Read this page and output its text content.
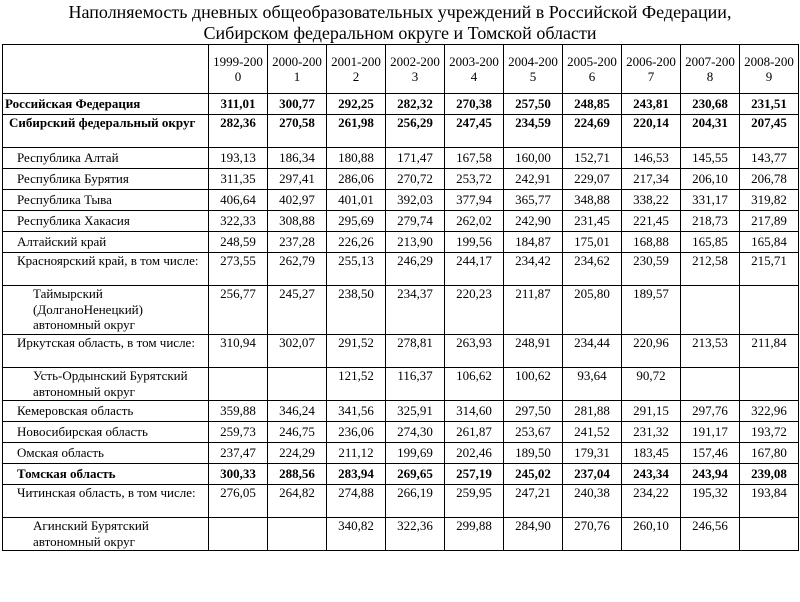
Наполняемость дневных общеобразовательных учреждений в Российской Федерации,
Сибирском федеральном округе и Томской области
	1999-2000	2000-2001	2001-2002	2002-2003	2003-2004	2004-2005	2005-2006	2006-2007	2007-2008	2008-2009
Российская Федерация	311,01	300,77	292,25	282,32	270,38	257,50	248,85	243,81	230,68	231,51
Сибирский федеральный округ	282,36	270,58	261,98	256,29	247,45	234,59	224,69	220,14	204,31	207,45
Республика Алтай	193,13	186,34	180,88	171,47	167,58	160,00	152,71	146,53	145,55	143,77
Республика Бурятия	311,35	297,41	286,06	270,72	253,72	242,91	229,07	217,34	206,10	206,78
Республика Тыва	406,64	402,97	401,01	392,03	377,94	365,77	348,88	338,22	331,17	319,82
Республика Хакасия	322,33	308,88	295,69	279,74	262,02	242,90	231,45	221,45	218,73	217,89
Алтайский край	248,59	237,28	226,26	213,90	199,56	184,87	175,01	168,88	165,85	165,84
Красноярский край, в том числе:	273,55	262,79	255,13	246,29	244,17	234,42	234,62	230,59	212,58	215,71
Таймырский (ДолганоНенецкий) автономный округ	256,77	245,27	238,50	234,37	220,23	211,87	205,80	189,57		
Иркутская область, в том числе:	310,94	302,07	291,52	278,81	263,93	248,91	234,44	220,96	213,53	211,84
Усть-Ордынский Бурятский автономный округ			121,52	116,37	106,62	100,62	93,64	90,72		
Кемеровская область	359,88	346,24	341,56	325,91	314,60	297,50	281,88	291,15	297,76	322,96
Новосибирская область	259,73	246,75	236,06	274,30	261,87	253,67	241,52	231,32	191,17	193,72
Омская область	237,47	224,29	211,12	199,69	202,46	189,50	179,31	183,45	157,46	167,80
Томская область	300,33	288,56	283,94	269,65	257,19	245,02	237,04	243,34	243,94	239,08
Читинская область, в том числе:	276,05	264,82	274,88	266,19	259,95	247,21	240,38	234,22	195,32	193,84
Агинский Бурятский автономный округ			340,82	322,36	299,88	284,90	270,76	260,10	246,56	
